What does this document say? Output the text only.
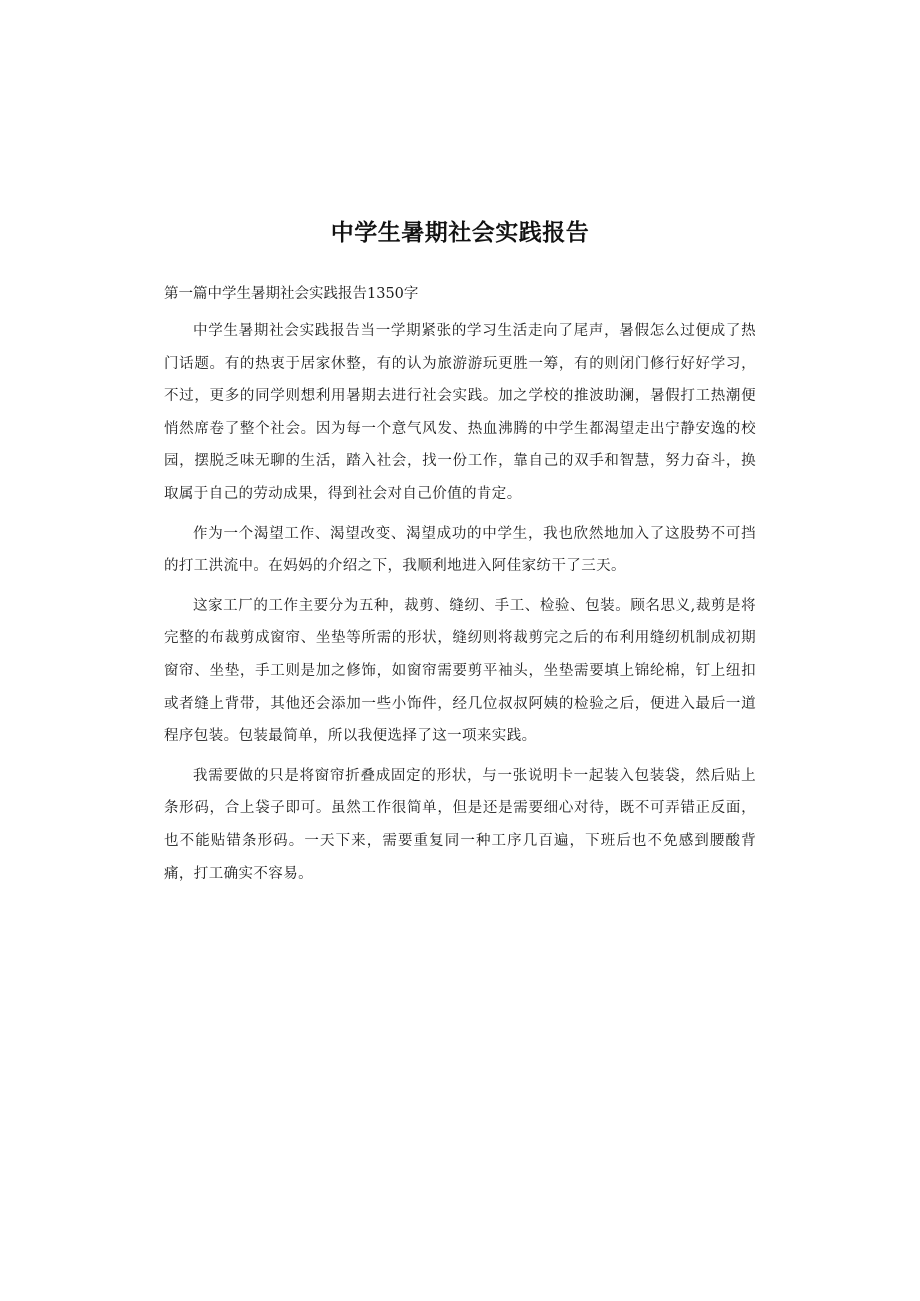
中学生暑期社会实践报告

第一篇中学生暑期社会实践报告1350字

中学生暑期社会实践报告当一学期紧张的学习生活走向了尾声，暑假怎么过便成了热门话题。有的热衷于居家休整，有的认为旅游游玩更胜一筹，有的则闭门修行好好学习，不过，更多的同学则想利用暑期去进行社会实践。加之学校的推波助澜，暑假打工热潮便悄然席卷了整个社会。因为每一个意气风发、热血沸腾的中学生都渴望走出宁静安逸的校园，摆脱乏味无聊的生活，踏入社会，找一份工作，靠自己的双手和智慧，努力奋斗，换取属于自己的劳动成果，得到社会对自己价值的肯定。

作为一个渴望工作、渴望改变、渴望成功的中学生，我也欣然地加入了这股势不可挡的打工洪流中。在妈妈的介绍之下，我顺利地进入阿佳家纺干了三天。

这家工厂的工作主要分为五种，裁剪、缝纫、手工、检验、包装。顾名思义,裁剪是将完整的布裁剪成窗帘、坐垫等所需的形状，缝纫则将裁剪完之后的布利用缝纫机制成初期窗帘、坐垫，手工则是加之修饰，如窗帘需要剪平袖头，坐垫需要填上锦纶棉，钉上纽扣或者缝上背带，其他还会添加一些小饰件，经几位叔叔阿姨的检验之后，便进入最后一道程序包装。包装最简单，所以我便选择了这一项来实践。

我需要做的只是将窗帘折叠成固定的形状，与一张说明卡一起装入包装袋，然后贴上条形码，合上袋子即可。虽然工作很简单，但是还是需要细心对待，既不可弄错正反面，也不能贴错条形码。一天下来，需要重复同一种工序几百遍，下班后也不免感到腰酸背痛，打工确实不容易。
